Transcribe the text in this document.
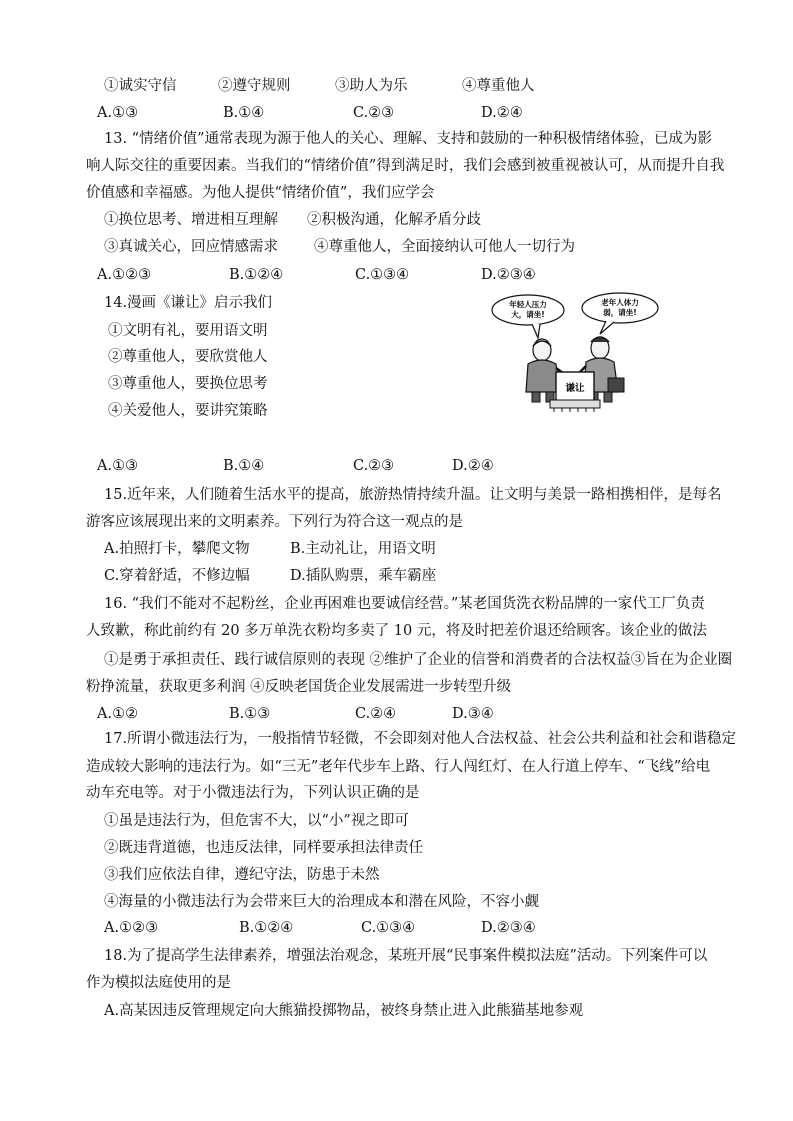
①诚实守信	②遵守规则	③助人为乐	④尊重他人
A.①③	B.①④	C.②③	D.②④
13. “情绪价值”通常表现为源于他人的关心、理解、支持和鼓励的一种积极情绪体验，已成为影
响人际交往的重要因素。当我们的“情绪价值”得到满足时，我们会感到被重视被认可，从而提升自我
价值感和幸福感。为他人提供“情绪价值”，我们应学会
①换位思考、增进相互理解 ②积极沟通，化解矛盾分歧
③真诚关心，回应情感需求 ④尊重他人，全面接纳认可他人一切行为
A.①②③	B.①②④	C.①③④	D.②③④
14.漫画《谦让》启示我们
①文明有礼，要用语文明
②尊重他人，要欣赏他人
③尊重他人，要换位思考
④关爱他人，要讲究策略
年轻人压力
大，请坐!
老年人体力
弱，请坐!
谦让
A.①③	B.①④	C.②③	D.②④
15.近年来，人们随着生活水平的提高，旅游热情持续升温。让文明与美景一路相携相伴，是每名
游客应该展现出来的文明素养。下列行为符合这一观点的是
A.拍照打卡，攀爬文物	B.主动礼让，用语文明
C.穿着舒适，不修边幅	D.插队购票，乘车霸座
16. “我们不能对不起粉丝，企业再困难也要诚信经营。”某老国货洗衣粉品牌的一家代工厂负责
人致歉，称此前约有 20 多万单洗衣粉均多卖了 10 元，将及时把差价退还给顾客。该企业的做法
①是勇于承担责任、践行诚信原则的表现 ②维护了企业的信誉和消费者的合法权益③旨在为企业圈
粉挣流量，获取更多利润 ④反映老国货企业发展需进一步转型升级
A.①②	B.①③	C.②④	D.③④
17.所谓小微违法行为，一般指情节轻微，不会即刻对他人合法权益、社会公共利益和社会和谐稳定
造成较大影响的违法行为。如“三无”老年代步车上路、行人闯红灯、在人行道上停车、“飞线”给电
动车充电等。对于小微违法行为，下列认识正确的是
①虽是违法行为，但危害不大，以“小”视之即可
②既违背道德，也违反法律，同样要承担法律责任
③我们应依法自律，遵纪守法，防患于未然
④海量的小微违法行为会带来巨大的治理成本和潜在风险，不容小觑
A.①②③	B.①②④	C.①③④	D.②③④
18.为了提高学生法律素养，增强法治观念，某班开展“民事案件模拟法庭”活动。下列案件可以
作为模拟法庭使用的是
A.高某因违反管理规定向大熊猫投掷物品，被终身禁止进入此熊猫基地参观
